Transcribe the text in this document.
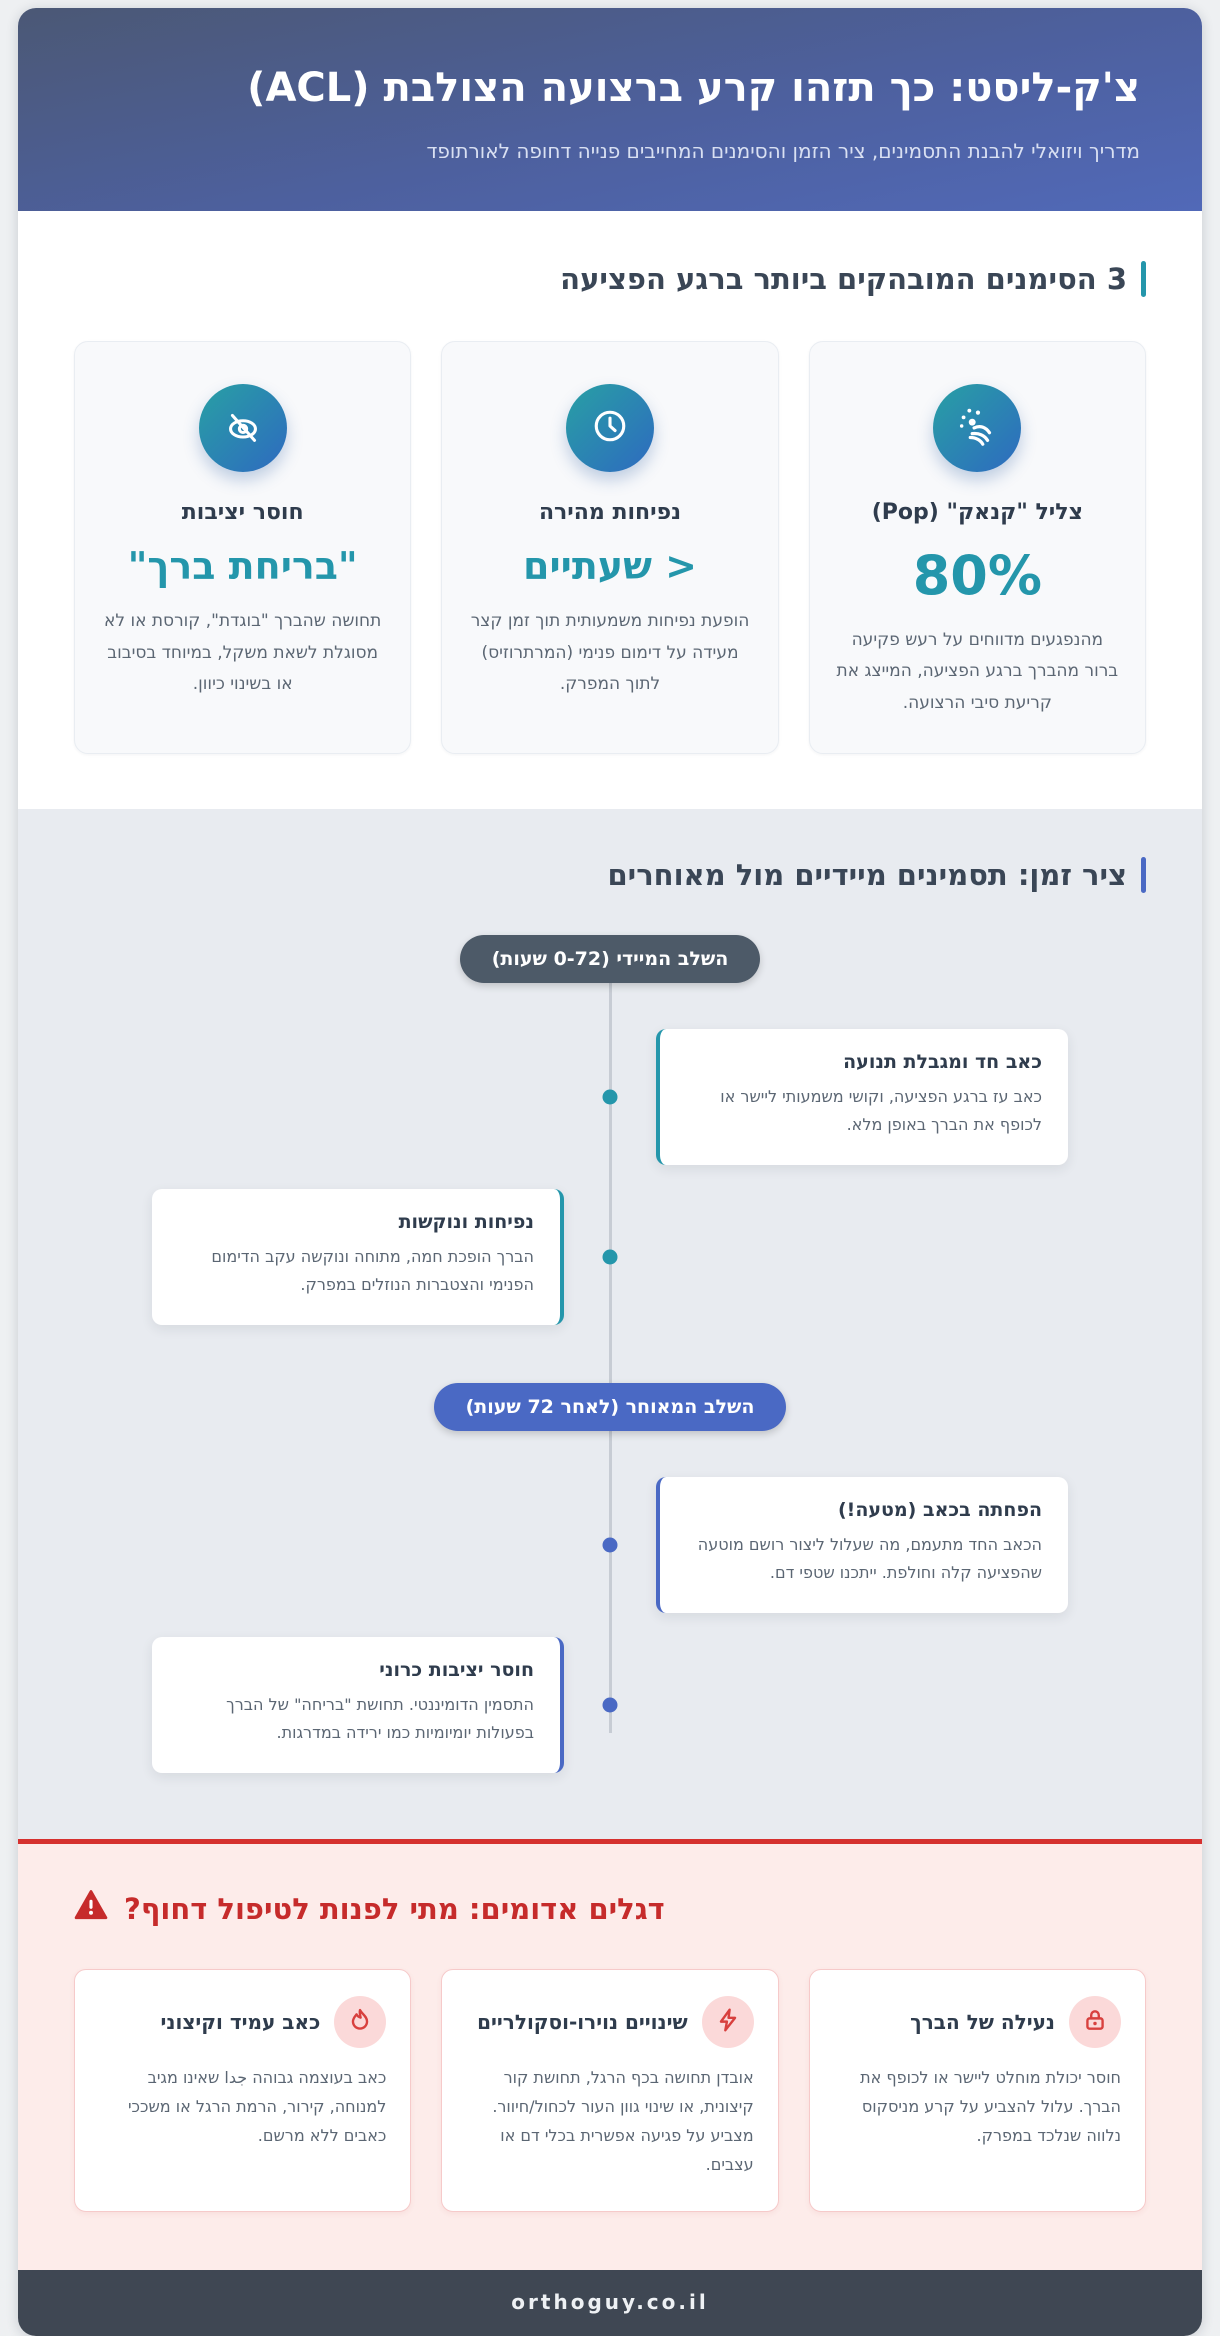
צ'ק-ליסט: כך תזהו קרע ברצועה הצולבת (ACL)

מדריך ויזואלי להבנת התסמינים, ציר הזמן והסימנים המחייבים פנייה דחופה לאורתופד

3 הסימנים המובהקים ביותר ברגע הפציעה
צליל "קנאק" (Pop)
80%

מהנפגעים מדווחים על רעש פקיעה ברור מהברך ברגע הפציעה, המייצג את קריעת סיבי הרצועה.

נפיחות מהירה
< שעתיים

הופעת נפיחות משמעותית תוך זמן קצר מעידה על דימום פנימי (המרתרוזיס) לתוך המפרק.

חוסר יציבות
"בריחת ברך"

תחושה שהברך "בוגדת", קורסת או לא מסוגלת לשאת משקל, במיוחד בסיבוב או בשינוי כיוון.

ציר זמן: תסמינים מיידיים מול מאוחרים
השלב המיידי (0-72 שעות)
כאב חד ומגבלת תנועה

כאב עז ברגע הפציעה, וקושי משמעותי ליישר או לכופף את הברך באופן מלא.

נפיחות ונוקשות

הברך הופכת חמה, מתוחה ונוקשה עקב הדימום הפנימי והצטברות הנוזלים במפרק.

השלב המאוחר (לאחר 72 שעות)
הפחתה בכאב (מטעה!)

הכאב החד מתעמם, מה שעלול ליצור רושם מוטעה שהפציעה קלה וחולפת. ייתכנו שטפי דם.

חוסר יציבות כרוני

התסמין הדומיננטי. תחושת "בריחה" של הברך בפעולות יומיומיות כמו ירידה במדרגות.

דגלים אדומים: מתי לפנות לטיפול דחוף?
נעילה של הברך

חוסר יכולת מוחלט ליישר או לכופף את הברך. עלול להצביע על קרע מניסקוס נלווה שנלכד במפרק.

שינויים נוירו-וסקולריים

אובדן תחושה בכף הרגל, תחושת קור קיצונית, או שינוי גוון העור לכחול/חיוור. מצביע על פגיעה אפשרית בכלי דם או עצבים.

כאב עמיד וקיצוני

כאב בעוצמה גבוהה جدا שאינו מגיב למנוחה, קירור, הרמת הרגל או משככי כאבים ללא מרשם.

orthoguy.co.il
